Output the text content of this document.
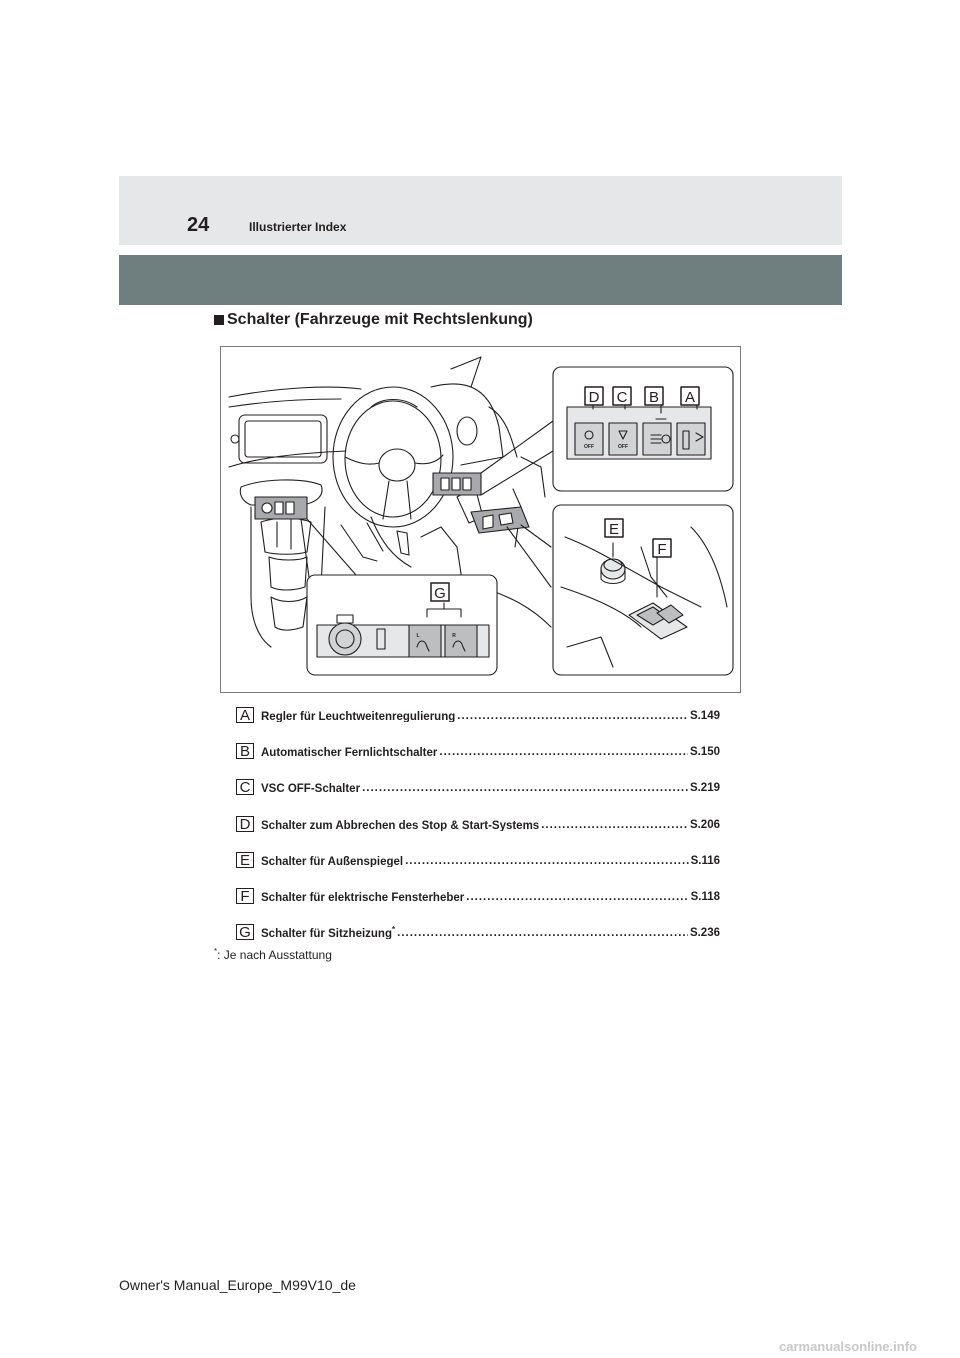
24	Illustrierter Index
Schalter (Fahrzeuge mit Rechtslenkung)
D C B A
E
F
G
OFF	OFF
L	R
A Regler für Leuchtweitenregulierung .....	S.149
B Automatischer Fernlichtschalter .....	S.150
C VSC OFF-Schalter .....	S.219
D Schalter zum Abbrechen des Stop & Start-Systems .....	S.206
E Schalter für Außenspiegel .....	S.116
F Schalter für elektrische Fensterheber .....	S.118
G Schalter für Sitzheizung* .....	S.236
*: Je nach Ausstattung
Owner's Manual_Europe_M99V10_de
carmanualsonline.info
